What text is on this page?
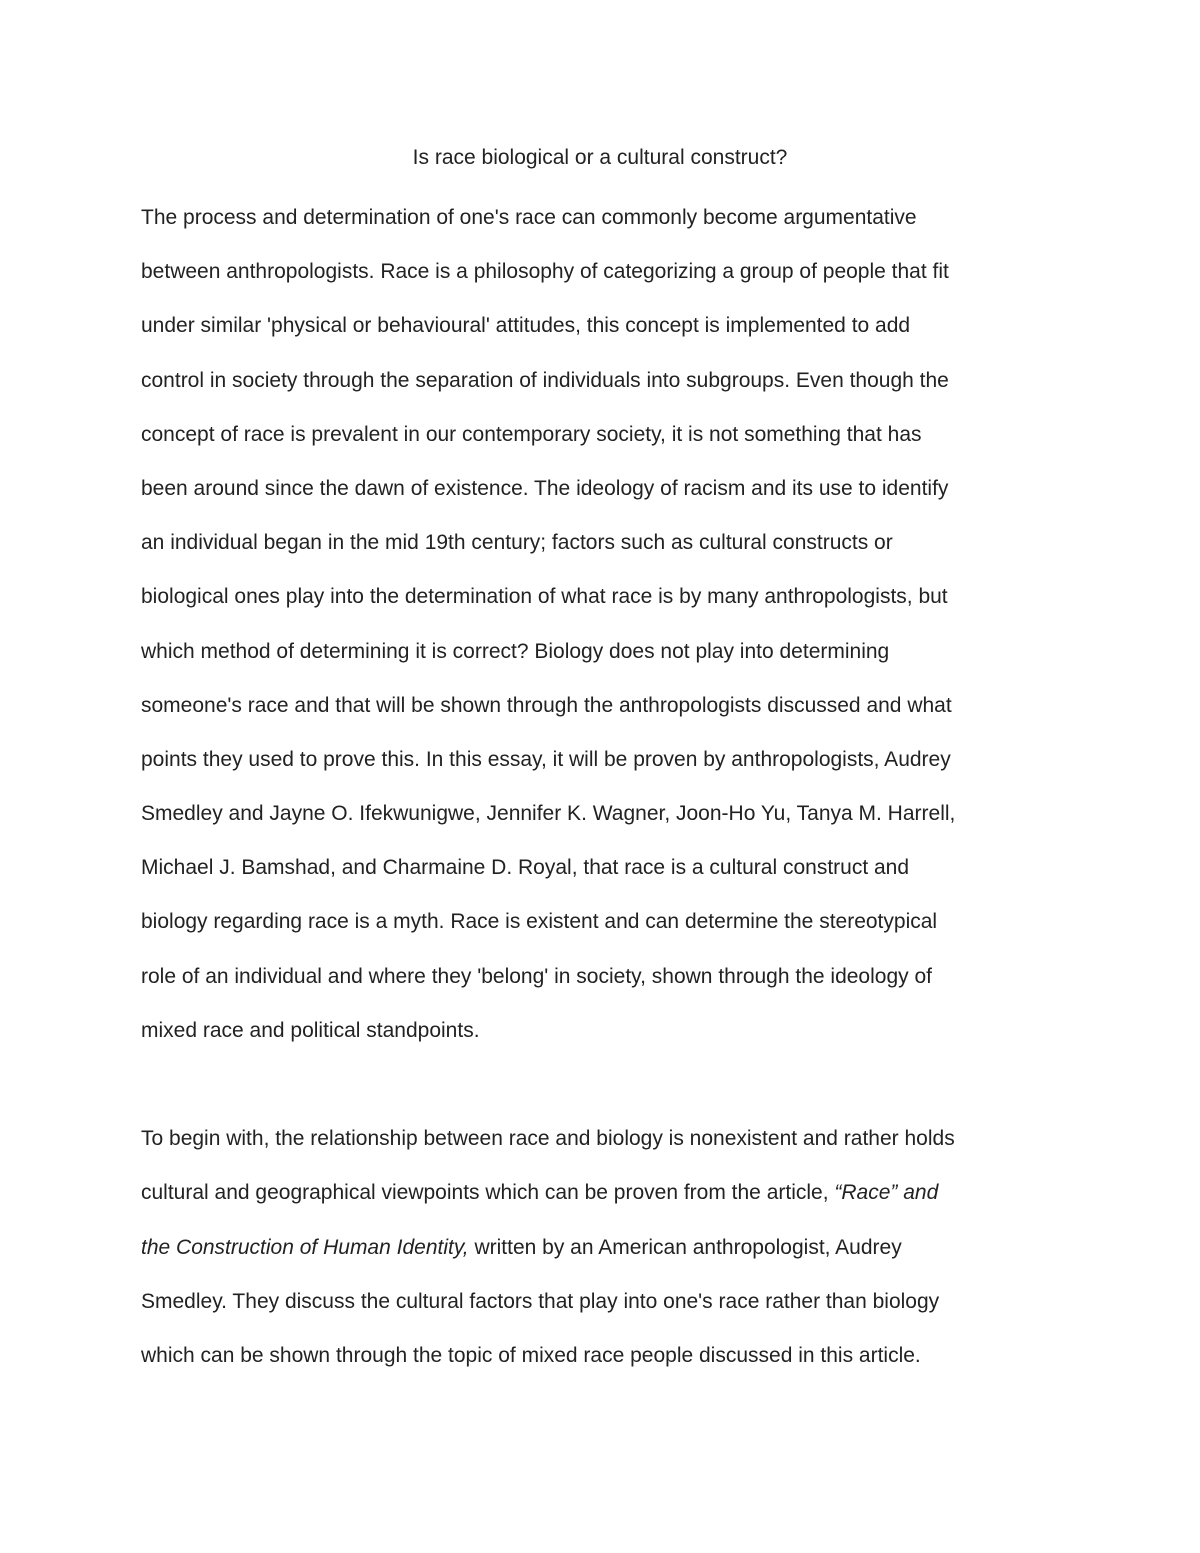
Is race biological or a cultural construct?
The process and determination of one's race can commonly become argumentative
between anthropologists. Race is a philosophy of categorizing a group of people that fit
under similar 'physical or behavioural' attitudes, this concept is implemented to add
control in society through the separation of individuals into subgroups. Even though the
concept of race is prevalent in our contemporary society, it is not something that has
been around since the dawn of existence. The ideology of racism and its use to identify
an individual began in the mid 19th century; factors such as cultural constructs or
biological ones play into the determination of what race is by many anthropologists, but
which method of determining it is correct? Biology does not play into determining
someone's race and that will be shown through the anthropologists discussed and what
points they used to prove this. In this essay, it will be proven by anthropologists, Audrey
Smedley and Jayne O. Ifekwunigwe, Jennifer K. Wagner, Joon-Ho Yu, Tanya M. Harrell,
Michael J. Bamshad, and Charmaine D. Royal, that race is a cultural construct and
biology regarding race is a myth. Race is existent and can determine the stereotypical
role of an individual and where they 'belong' in society, shown through the ideology of
mixed race and political standpoints.
To begin with, the relationship between race and biology is nonexistent and rather holds
cultural and geographical viewpoints which can be proven from the article, “Race” and
the Construction of Human Identity, written by an American anthropologist, Audrey
Smedley. They discuss the cultural factors that play into one's race rather than biology
which can be shown through the topic of mixed race people discussed in this article.
